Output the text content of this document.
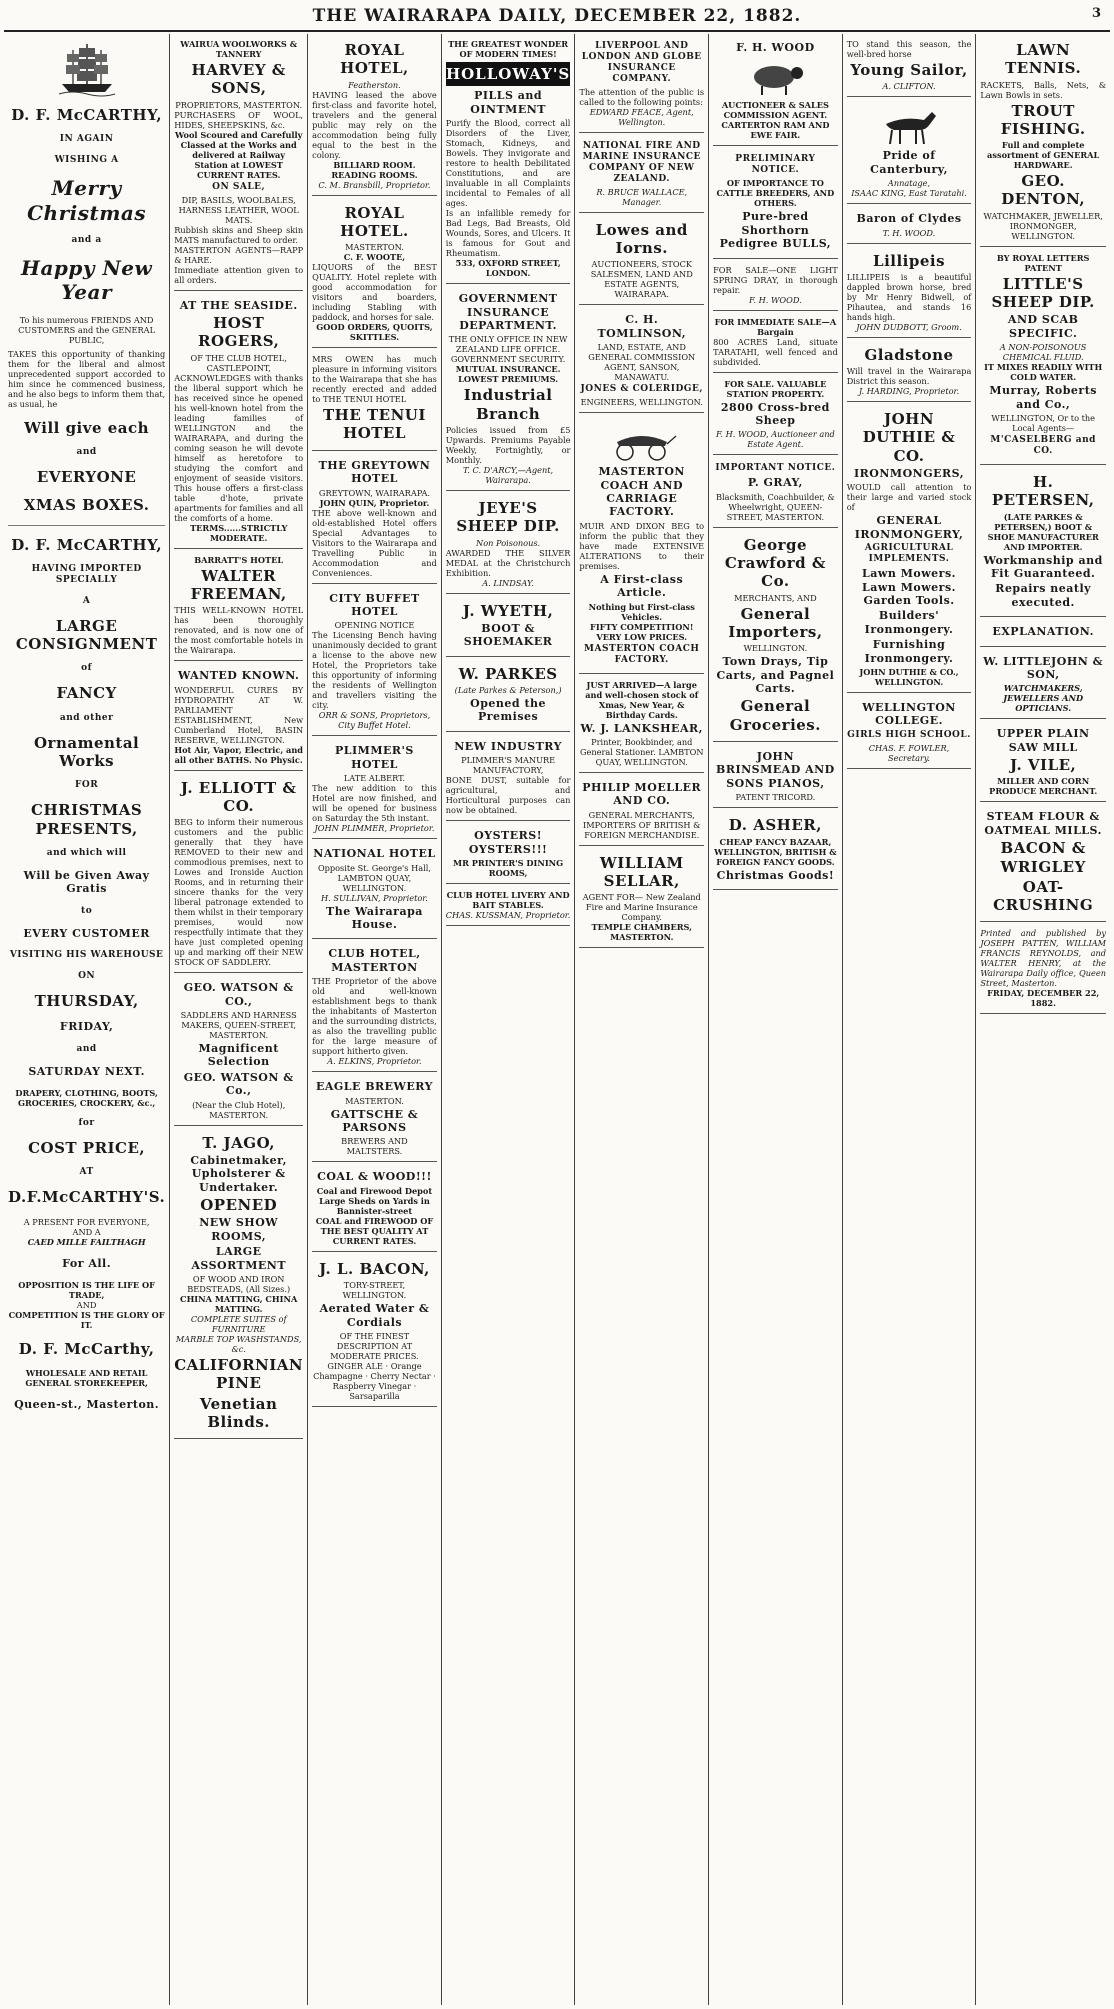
THE WAIRARAPA DAILY, DECEMBER 22, 1882.	3
D. F. McCARTHY,
IN AGAIN
WISHING A
Merry Christmas
and a
Happy New Year
To his numerous FRIENDS AND CUSTOMERS and the GENERAL PUBLIC,
TAKES this opportunity of thanking them for the liberal and almost unprecedented support accorded to him since he commenced business, and he also begs to inform them that, as usual, he
Will give each
and
EVERYONE
XMAS BOXES.
D. F. McCARTHY,
HAVING IMPORTED SPECIALLY
A
LARGE CONSIGNMENT
of
FANCY
and other
Ornamental Works
FOR
CHRISTMAS PRESENTS,
and which will
Will be Given Away Gratis
to
EVERY CUSTOMER
VISITING HIS WAREHOUSE
ON
THURSDAY,
FRIDAY,
and
SATURDAY NEXT.
DRAPERY, CLOTHING, BOOTS, GROCERIES, CROCKERY, &c.,
for
COST PRICE,
AT
D.F.McCARTHY'S.
A PRESENT FOR EVERYONE,
AND A
CAED MILLE FAILTHAGH
For All.
OPPOSITION IS THE LIFE OF TRADE,
AND
COMPETITION IS THE GLORY OF IT.
D. F. McCarthy,
WHOLESALE AND RETAIL GENERAL STOREKEEPER,
Queen-st., Masterton.
WAIRUA WOOLWORKS & TANNERY
HARVEY & SONS,
PROPRIETORS, MASTERTON.
PURCHASERS OF WOOL, HIDES, SHEEPSKINS, &c.
Wool Scoured and Carefully Classed at the Works and delivered at Railway Station at LOWEST CURRENT RATES.
ON SALE,
DIP, BASILS, WOOLBALES, HARNESS LEATHER, WOOL MATS.
Rubbish skins and Sheep skin MATS manufactured to order.
MASTERTON AGENTS—RAPP & HARE.
Immediate attention given to all orders.
AT THE SEASIDE.
HOST ROGERS,
OF THE CLUB HOTEL, CASTLEPOINT,
ACKNOWLEDGES with thanks the liberal support which he has received since he opened his well-known hotel from the leading families of WELLINGTON and the WAIRARAPA, and during the coming season he will devote himself as heretofore to studying the comfort and enjoyment of seaside visitors. This house offers a first-class table d'hote, private apartments for families and all the comforts of a home.
TERMS......STRICTLY MODERATE.
BARRATT'S HOTEL
WALTER FREEMAN,
THIS WELL-KNOWN HOTEL has been thoroughly renovated, and is now one of the most comfortable hotels in the Wairarapa.
WANTED KNOWN.
WONDERFUL CURES BY HYDROPATHY AT W. PARLIAMENT ESTABLISHMENT, New Cumberland Hotel, BASIN RESERVE, WELLINGTON.
Hot Air, Vapor, Electric, and all other BATHS. No Physic.
J. ELLIOTT & CO.
BEG to inform their numerous customers and the public generally that they have REMOVED to their new and commodious premises, next to Lowes and Ironside Auction Rooms, and in returning their sincere thanks for the very liberal patronage extended to them whilst in their temporary premises, would now respectfully intimate that they have just completed opening up and marking off their NEW STOCK OF SADDLERY.
GEO. WATSON & CO.,
SADDLERS AND HARNESS MAKERS, QUEEN-STREET, MASTERTON.
Magnificent Selection
GEO. WATSON & Co.,
(Near the Club Hotel), MASTERTON.
T. JAGO,
Cabinetmaker, Upholsterer & Undertaker.
OPENED
NEW SHOW ROOMS,
LARGE ASSORTMENT
OF WOOD AND IRON BEDSTEADS, (All Sizes.)
CHINA MATTING, CHINA MATTING.
COMPLETE SUITES of FURNITURE
MARBLE TOP WASHSTANDS, &c.
CALIFORNIAN PINE
Venetian Blinds.
ROYAL HOTEL,
Featherston.
HAVING leased the above first-class and favorite hotel, travelers and the general public may rely on the accommodation being fully equal to the best in the colony.
BILLIARD ROOM. READING ROOMS.
C. M. Bransbill, Proprietor.
ROYAL HOTEL.
MASTERTON.
C. F. WOOTE,
LIQUORS of the BEST QUALITY. Hotel replete with good accommodation for visitors and boarders, including Stabling with paddock, and horses for sale.
GOOD ORDERS, QUOITS, SKITTLES.
MRS OWEN has much pleasure in informing visitors to the Wairarapa that she has recently erected and added to THE TENUI HOTEL
THE TENUI HOTEL
THE GREYTOWN HOTEL
GREYTOWN, WAIRARAPA.
JOHN QUIN, Proprietor.
THE above well-known and old-established Hotel offers Special Advantages to Visitors to the Wairarapa and Travelling Public in Accommodation and Conveniences.
CITY BUFFET HOTEL
OPENING NOTICE
The Licensing Bench having unanimously decided to grant a license to the above new Hotel, the Proprietors take this opportunity of informing the residents of Wellington and travellers visiting the city.
ORR & SONS, Proprietors, City Buffet Hotel.
PLIMMER'S HOTEL
LATE ALBERT.
The new addition to this Hotel are now finished, and will be opened for business on Saturday the 5th instant.
JOHN PLIMMER, Proprietor.
NATIONAL HOTEL
Opposite St. George's Hall, LAMBTON QUAY, WELLINGTON.
H. SULLIVAN, Proprietor.
The Wairarapa House.
CLUB HOTEL, MASTERTON
THE Proprietor of the above old and well-known establishment begs to thank the inhabitants of Masterton and the surrounding districts, as also the travelling public for the large measure of support hitherto given.
A. ELKINS, Proprietor.
EAGLE BREWERY
MASTERTON.
GATTSCHE & PARSONS
BREWERS AND MALTSTERS.
COAL & WOOD!!!
Coal and Firewood Depot
Large Sheds on Yards in Bannister-street
COAL and FIREWOOD OF THE BEST QUALITY AT CURRENT RATES.
J. L. BACON,
TORY-STREET, WELLINGTON.
Aerated Water & Cordials
OF THE FINEST DESCRIPTION AT MODERATE PRICES.
GINGER ALE · Orange Champagne · Cherry Nectar · Raspberry Vinegar · Sarsaparilla
THE GREATEST WONDER OF MODERN TIMES!
HOLLOWAY'S
PILLS and OINTMENT
Purify the Blood, correct all Disorders of the Liver, Stomach, Kidneys, and Bowels. They invigorate and restore to health Debilitated Constitutions, and are invaluable in all Complaints incidental to Females of all ages.
Is an infallible remedy for Bad Legs, Bad Breasts, Old Wounds, Sores, and Ulcers. It is famous for Gout and Rheumatism.
533, OXFORD STREET, LONDON.
GOVERNMENT INSURANCE DEPARTMENT.
THE ONLY OFFICE IN NEW ZEALAND LIFE OFFICE. GOVERNMENT SECURITY.
MUTUAL INSURANCE. LOWEST PREMIUMS.
Industrial Branch
Policies issued from £5 Upwards. Premiums Payable Weekly, Fortnightly, or Monthly.
T. C. D'ARCY,—Agent, Wairarapa.
JEYE'S SHEEP DIP.
Non Poisonous.
AWARDED THE SILVER MEDAL at the Christchurch Exhibition.
A. LINDSAY.
J. WYETH,
BOOT & SHOEMAKER
W. PARKES
(Late Parkes & Peterson,)
Opened the Premises
NEW INDUSTRY
PLIMMER'S MANURE MANUFACTORY,
BONE DUST, suitable for agricultural, and Horticultural purposes can now be obtained.
OYSTERS! OYSTERS!!!
MR PRINTER'S DINING ROOMS,
CLUB HOTEL LIVERY AND BAIT STABLES.
CHAS. KUSSMAN, Proprietor.
LIVERPOOL AND LONDON AND GLOBE INSURANCE COMPANY.
The attention of the public is called to the following points:
EDWARD FEACE, Agent, Wellington.
NATIONAL FIRE AND MARINE INSURANCE COMPANY OF NEW ZEALAND.
R. BRUCE WALLACE, Manager.
Lowes and Iorns.
AUCTIONEERS, STOCK SALESMEN, LAND AND ESTATE AGENTS, WAIRARAPA.
C. H. TOMLINSON,
LAND, ESTATE, AND GENERAL COMMISSION AGENT, SANSON, MANAWATU.
JONES & COLERIDGE,
ENGINEERS, WELLINGTON.
MASTERTON COACH AND CARRIAGE FACTORY.
MUIR AND DIXON BEG to inform the public that they have made EXTENSIVE ALTERATIONS to their premises.
A First-class Article.
Nothing but First-class Vehicles.
FIFTY COMPETITION!
VERY LOW PRICES.
MASTERTON COACH FACTORY.
JUST ARRIVED—A large and well-chosen stock of Xmas, New Year, & Birthday Cards.
W. J. LANKSHEAR,
Printer, Bookbinder, and General Stationer. LAMBTON QUAY, WELLINGTON.
PHILIP MOELLER AND CO.
GENERAL MERCHANTS, IMPORTERS OF BRITISH & FOREIGN MERCHANDISE.
WILLIAM SELLAR,
AGENT FOR— New Zealand Fire and Marine Insurance Company.
TEMPLE CHAMBERS, MASTERTON.
F. H. WOOD
AUCTIONEER & SALES COMMISSION AGENT.
CARTERTON RAM AND EWE FAIR.
PRELIMINARY NOTICE.
OF IMPORTANCE TO CATTLE BREEDERS, AND OTHERS.
Pure-bred Shorthorn Pedigree BULLS,
FOR SALE—ONE LIGHT SPRING DRAY, in thorough repair.
F. H. WOOD.
FOR IMMEDIATE SALE—A Bargain
800 ACRES Land, situate TARATAHI, well fenced and subdivided.
FOR SALE. VALUABLE STATION PROPERTY.
2800 Cross-bred Sheep
F. H. WOOD, Auctioneer and Estate Agent.
IMPORTANT NOTICE.
P. GRAY,
Blacksmith, Coachbuilder, & Wheelwright, QUEEN-STREET, MASTERTON.
George Crawford & Co.
MERCHANTS, AND
General Importers,
WELLINGTON.
Town Drays, Tip Carts, and Pagnel Carts.
General Groceries.
JOHN BRINSMEAD AND SONS PIANOS,
PATENT TRICORD.
D. ASHER,
CHEAP FANCY BAZAAR, WELLINGTON, BRITISH & FOREIGN FANCY GOODS.
Christmas Goods!
TO stand this season, the well-bred horse
Young Sailor,
A. CLIFTON.
Pride of Canterbury,
Annatage,
ISAAC KING, East Taratahi.
Baron of Clydes
T. H. WOOD.
Lillipeis
LILLIPEIS is a beautiful dappled brown horse, bred by Mr Henry Bidwell, of Pihautea, and stands 16 hands high.
JOHN DUDBOTT, Groom.
Gladstone
Will travel in the Wairarapa District this season.
J. HARDING, Proprietor.
JOHN DUTHIE & CO.
IRONMONGERS,
WOULD call attention to their large and varied stock of
GENERAL IRONMONGERY,
AGRICULTURAL IMPLEMENTS.
Lawn Mowers. Lawn Mowers. Garden Tools.
Builders' Ironmongery.
Furnishing Ironmongery.
JOHN DUTHIE & CO., WELLINGTON.
WELLINGTON COLLEGE.
GIRLS HIGH SCHOOL.
CHAS. F. FOWLER, Secretary.
LAWN TENNIS.
RACKETS, Balls, Nets, & Lawn Bowls in sets.
TROUT FISHING.
Full and complete assortment of GENERAL HARDWARE.
GEO. DENTON,
WATCHMAKER, JEWELLER, IRONMONGER, WELLINGTON.
BY ROYAL LETTERS PATENT
LITTLE'S SHEEP DIP.
AND SCAB SPECIFIC.
A NON-POISONOUS CHEMICAL FLUID.
IT MIXES READILY WITH COLD WATER.
Murray, Roberts and Co.,
WELLINGTON, Or to the Local Agents—
M'CASELBERG and CO.
H. PETERSEN,
(LATE PARKES & PETERSEN,) BOOT & SHOE MANUFACTURER AND IMPORTER.
Workmanship and Fit Guaranteed.
Repairs neatly executed.
EXPLANATION.
W. LITTLEJOHN & SON,
WATCHMAKERS, JEWELLERS AND OPTICIANS.
UPPER PLAIN SAW MILL
J. VILE,
MILLER AND CORN PRODUCE MERCHANT.
STEAM FLOUR & OATMEAL MILLS.
BACON & WRIGLEY
OAT-CRUSHING
Printed and published by JOSEPH PATTEN, WILLIAM FRANCIS REYNOLDS, and WALTER HENRY, at the Wairarapa Daily office, Queen Street, Masterton.
FRIDAY, DECEMBER 22, 1882.
